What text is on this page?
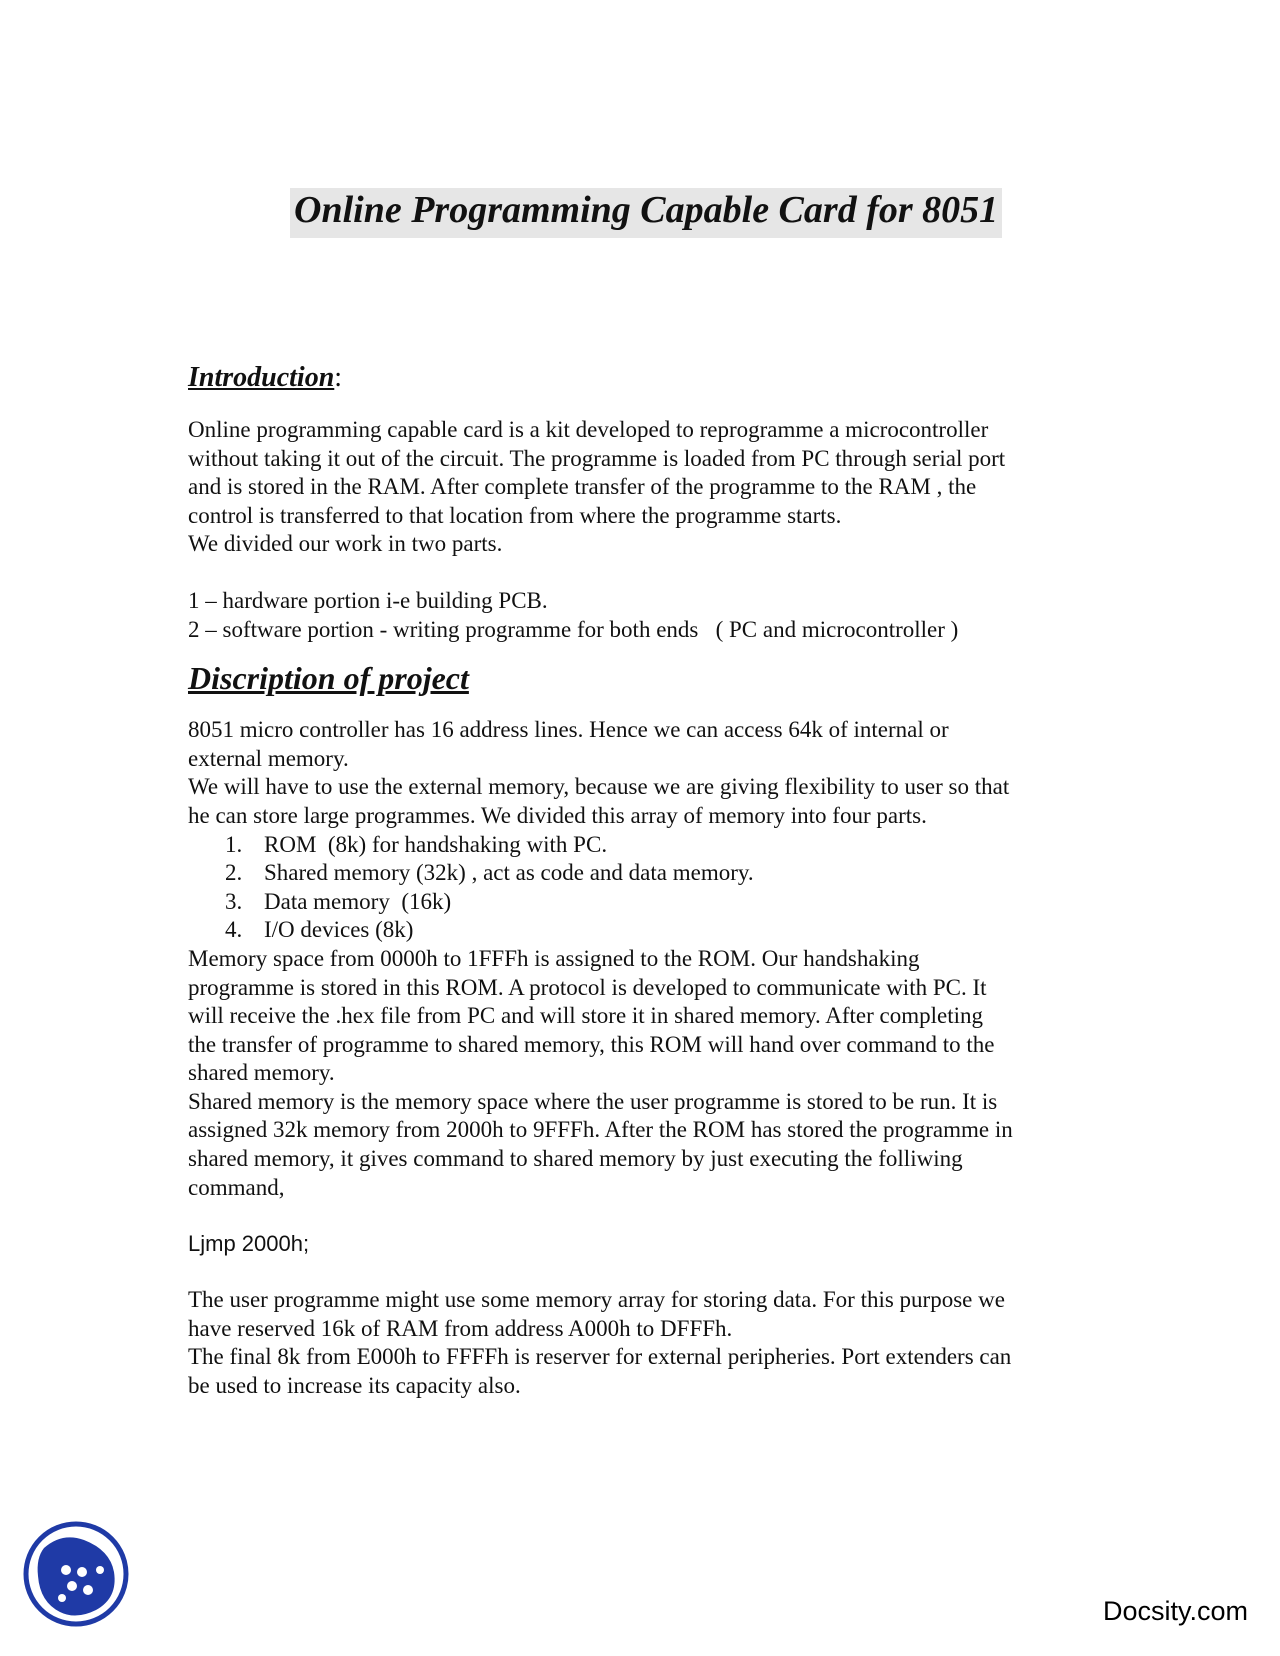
Online Programming Capable Card for 8051
Introduction:

Online programming capable card is a kit developed to reprogramme a microcontroller

without taking it out of the circuit. The programme is loaded from PC through serial port

and is stored in the RAM. After complete transfer of the programme to the RAM , the

control is transferred to that location from where the programme starts.

We divided our work in two parts.

1 – hardware portion i-e building PCB.

2 – software portion - writing programme for both ends   ( PC and microcontroller )

Discription of project

8051 micro controller has 16 address lines. Hence we can access 64k of internal or

external memory.

We will have to use the external memory, because we are giving flexibility to user so that

he can store large programmes. We divided this array of memory into four parts.

1. ROM  (8k) for handshaking with PC.
2. Shared memory (32k) , act as code and data memory.
3. Data memory  (16k)
4. I/O devices (8k)

Memory space from 0000h to 1FFFh is assigned to the ROM. Our handshaking

programme is stored in this ROM. A protocol is developed to communicate with PC. It

will receive the .hex file from PC and will store it in shared memory. After completing

the transfer of programme to shared memory, this ROM will hand over command to the

shared memory.

Shared memory is the memory space where the user programme is stored to be run. It is

assigned 32k memory from 2000h to 9FFFh. After the ROM has stored the programme in

shared memory, it gives command to shared memory by just executing the folliwing

command,

Ljmp 2000h;

The user programme might use some memory array for storing data. For this purpose we

have reserved 16k of RAM from address A000h to DFFFh.

The final 8k from E000h to FFFFh is reserver for external peripheries. Port extenders can

be used to increase its capacity also.

Docsity.com
